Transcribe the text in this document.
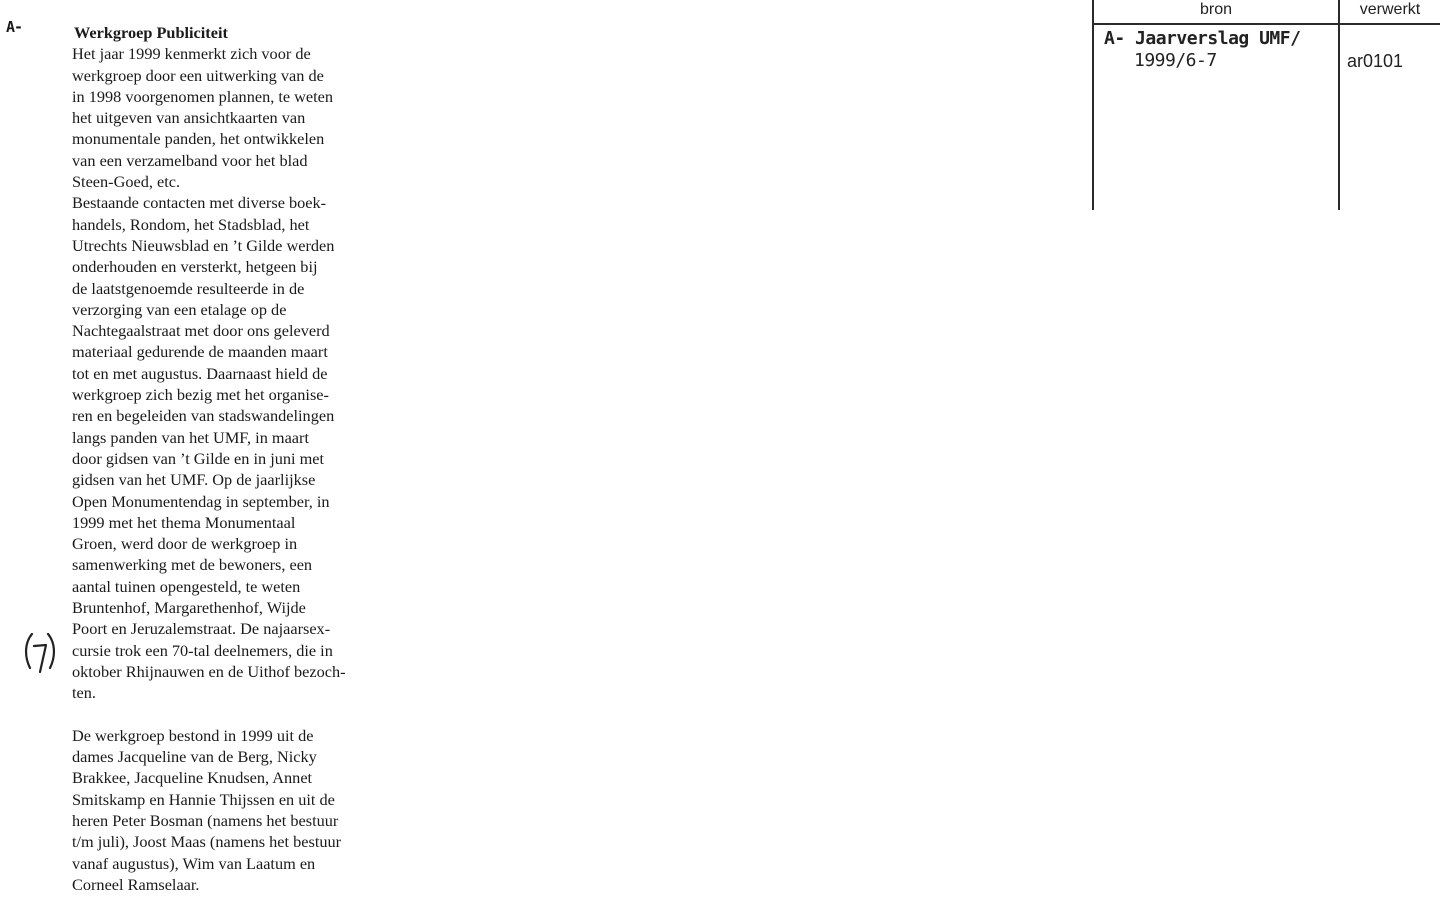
A-	Werkgroep Publiciteit
Het jaar 1999 kenmerkt zich voor de
werkgroep door een uitwerking van de
in 1998 voorgenomen plannen, te weten
het uitgeven van ansichtkaarten van
monumentale panden, het ontwikkelen
van een verzamelband voor het blad
Steen-Goed, etc.
Bestaande contacten met diverse boek-
handels, Rondom, het Stadsblad, het
Utrechts Nieuwsblad en ’t Gilde werden
onderhouden en versterkt, hetgeen bij
de laatstgenoemde resulteerde in de
verzorging van een etalage op de
Nachtegaalstraat met door ons geleverd
materiaal gedurende de maanden maart
tot en met augustus. Daarnaast hield de
werkgroep zich bezig met het organise-
ren en begeleiden van stadswandelingen
langs panden van het UMF, in maart
door gidsen van ’t Gilde en in juni met
gidsen van het UMF. Op de jaarlijkse
Open Monumentendag in september, in
1999 met het thema Monumentaal
Groen, werd door de werkgroep in
samenwerking met de bewoners, een
aantal tuinen opengesteld, te weten
Bruntenhof, Margarethenhof, Wijde
Poort en Jeruzalemstraat. De najaarsex-
cursie trok een 70-tal deelnemers, die in
oktober Rhijnauwen en de Uithof bezoch-
ten.
De werkgroep bestond in 1999 uit de
dames Jacqueline van de Berg, Nicky
Brakkee, Jacqueline Knudsen, Annet
Smitskamp en Hannie Thijssen en uit de
heren Peter Bosman (namens het bestuur
t/m juli), Joost Maas (namens het bestuur
vanaf augustus), Wim van Laatum en
Corneel Ramselaar.
bron	verwerkt
A- Jaarverslag UMF/
1999/6-7	ar0101
